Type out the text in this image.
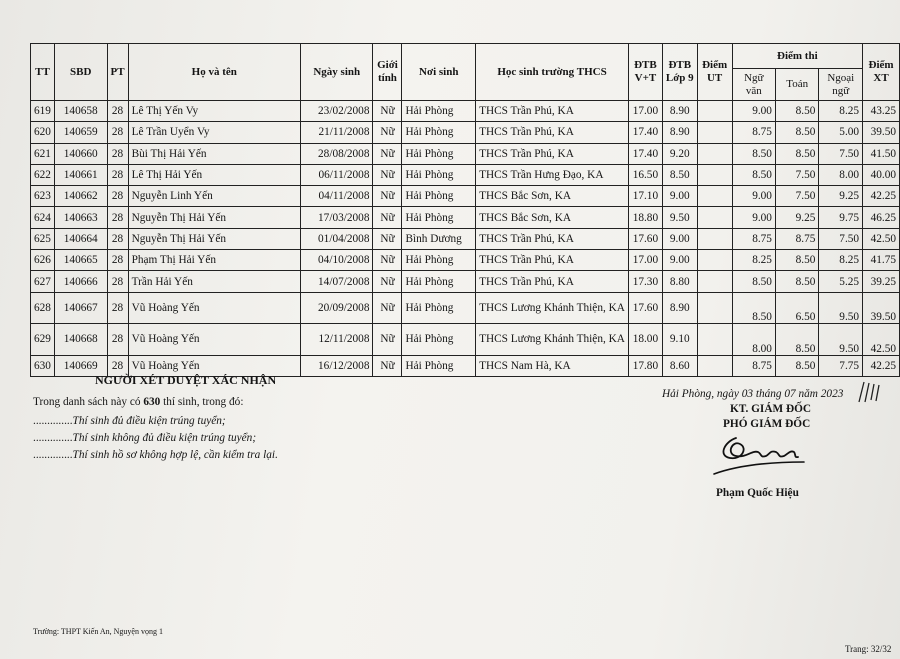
TT	SBD	PT	Họ và tên	Ngày sinh	Giới tính	Nơi sinh	Học sinh trường THCS	ĐTB V+T	ĐTB Lớp 9	Điểm UT	Điểm thi			Điểm XT
											Ngữ văn	Toán	Ngoại ngữ	
619	140658	28	Lê Thị Yến Vy	23/02/2008	Nữ	Hải Phòng	THCS Trần Phú, KA	17.00	8.90		9.00	8.50	8.25	43.25
620	140659	28	Lê Trần Uyển Vy	21/11/2008	Nữ	Hải Phòng	THCS Trần Phú, KA	17.40	8.90		8.75	8.50	5.00	39.50
621	140660	28	Bùi Thị Hải Yến	28/08/2008	Nữ	Hải Phòng	THCS Trần Phú, KA	17.40	9.20		8.50	8.50	7.50	41.50
622	140661	28	Lê Thị Hải Yến	06/11/2008	Nữ	Hải Phòng	THCS Trần Hưng Đạo, KA	16.50	8.50		8.50	7.50	8.00	40.00
623	140662	28	Nguyễn Linh Yến	04/11/2008	Nữ	Hải Phòng	THCS Bắc Sơn, KA	17.10	9.00		9.00	7.50	9.25	42.25
624	140663	28	Nguyễn Thị Hải Yến	17/03/2008	Nữ	Hải Phòng	THCS Bắc Sơn, KA	18.80	9.50		9.00	9.25	9.75	46.25
625	140664	28	Nguyễn Thị Hải Yến	01/04/2008	Nữ	Bình Dương	THCS Trần Phú, KA	17.60	9.00		8.75	8.75	7.50	42.50
626	140665	28	Phạm Thị Hải Yến	04/10/2008	Nữ	Hải Phòng	THCS Trần Phú, KA	17.00	9.00		8.25	8.50	8.25	41.75
627	140666	28	Trần Hải Yến	14/07/2008	Nữ	Hải Phòng	THCS Trần Phú, KA	17.30	8.80		8.50	8.50	5.25	39.25
628	140667	28	Vũ Hoàng Yến	20/09/2008	Nữ	Hải Phòng	THCS Lương Khánh Thiện, KA	17.60	8.90		8.50	6.50	9.50	39.50
629	140668	28	Vũ Hoàng Yến	12/11/2008	Nữ	Hải Phòng	THCS Lương Khánh Thiện, KA	18.00	9.10		8.00	8.50	9.50	42.50
630	140669	28	Vũ Hoàng Yến	16/12/2008	Nữ	Hải Phòng	THCS Nam Hà, KA	17.80	8.60		8.75	8.50	7.75	42.25
NGƯỜI XÉT DUYỆT XÁC NHẬN
Trong danh sách này có 630 thí sinh, trong đó:
..............Thí sinh đủ điều kiện trúng tuyển;
..............Thí sinh không đủ điều kiện trúng tuyển;
..............Thí sinh hồ sơ không hợp lệ, cần kiểm tra lại.
Hải Phòng, ngày 03 tháng 07 năm 2023
KT. GIÁM ĐỐC
PHÓ GIÁM ĐỐC
Phạm Quốc Hiệu
Trường: THPT Kiến An, Nguyện vọng 1
Trang: 32/32
